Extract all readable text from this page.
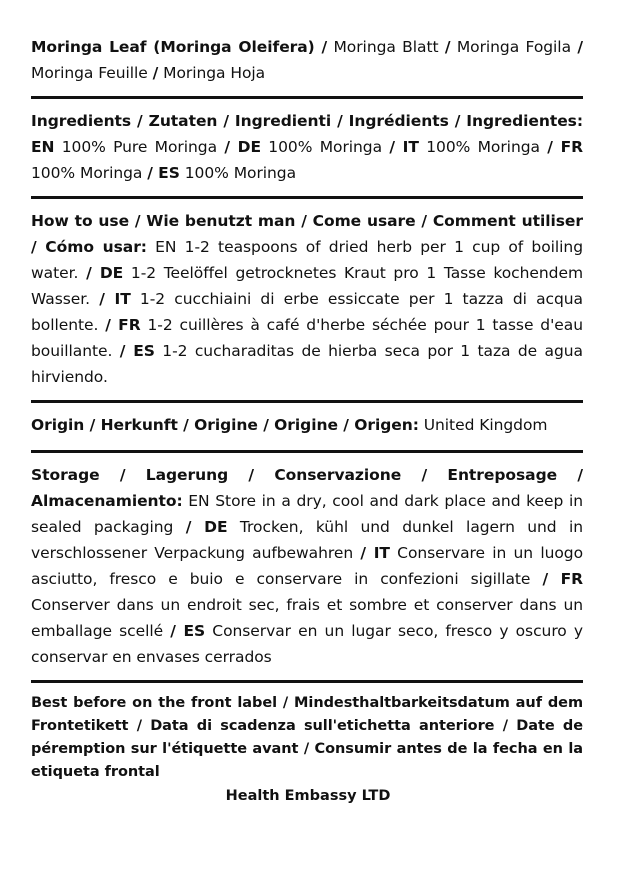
Moringa Leaf (Moringa Oleifera) / Moringa Blatt / Moringa Fogila / Moringa Feuille / Moringa Hoja
Ingredients / Zutaten / Ingredienti / Ingrédients / Ingredientes: EN 100% Pure Moringa / DE 100% Moringa / IT 100% Moringa / FR 100% Moringa / ES 100% Moringa
How to use / Wie benutzt man / Come usare / Comment utiliser / Cómo usar: EN 1-2 teaspoons of dried herb per 1 cup of boiling water. / DE 1-2 Teelöffel getrocknetes Kraut pro 1 Tasse kochendem Wasser. / IT 1-2 cucchiaini di erbe essiccate per 1 tazza di acqua bollente. / FR 1-2 cuillères à café d'herbe séchée pour 1 tasse d'eau bouillante. / ES 1-2 cucharaditas de hierba seca por 1 taza de agua hirviendo.
Origin / Herkunft / Origine / Origine / Origen: United Kingdom
Storage / Lagerung / Conservazione / Entreposage / Almacenamiento: EN Store in a dry, cool and dark place and keep in sealed packaging / DE Trocken, kühl und dunkel lagern und in verschlossener Verpackung aufbewahren / IT Conservare in un luogo asciutto, fresco e buio e conservare in confezioni sigillate / FR Conserver dans un endroit sec, frais et sombre et conserver dans un emballage scellé / ES Conservar en un lugar seco, fresco y oscuro y conservar en envases cerrados
Best before on the front label / Mindesthaltbarkeitsdatum auf dem Frontetikett / Data di scadenza sull'etichetta anteriore / Date de péremption sur l'étiquette avant / Consumir antes de la fecha en la etiqueta frontal
Health Embassy LTD
